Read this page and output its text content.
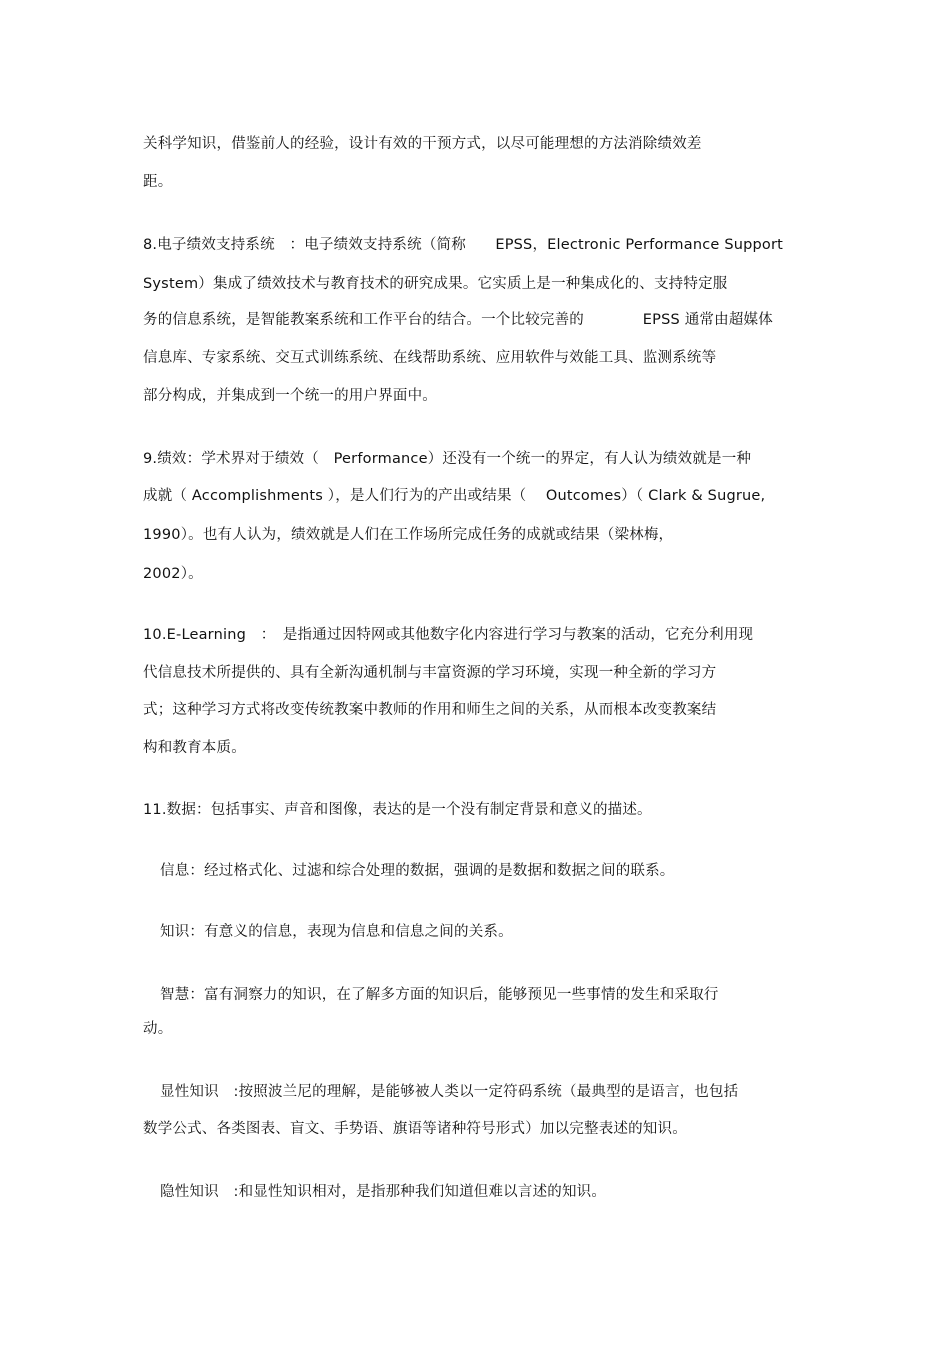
关科学知识，借鉴前人的经验，设计有效的干预方式，以尽可能理想的方法消除绩效差
距。
8.电子绩效支持系统　：电子绩效支持系统（简称　　EPSS，Electronic Performance Support
System）集成了绩效技术与教育技术的研究成果。它实质上是一种集成化的、支持特定服
务的信息系统，是智能教案系统和工作平台的结合。一个比较完善的　　　　EPSS 通常由超媒体
信息库、专家系统、交互式训练系统、在线帮助系统、应用软件与效能工具、监测系统等
部分构成，并集成到一个统一的用户界面中。
9.绩效：学术界对于绩效（　Performance）还没有一个统一的界定，有人认为绩效就是一种
成就（ Accomplishments ），是人们行为的产出或结果（　 Outcomes）（ Clark & Sugrue,
1990）。也有人认为，绩效就是人们在工作场所完成任务的成就或结果（梁林梅，
2002）。
10.E-Learning　：　是指通过因特网或其他数字化内容进行学习与教案的活动，它充分利用现
代信息技术所提供的、具有全新沟通机制与丰富资源的学习环境，实现一种全新的学习方
式；这种学习方式将改变传统教案中教师的作用和师生之间的关系，从而根本改变教案结
构和教育本质。
11.数据：包括事实、声音和图像，表达的是一个没有制定背景和意义的描述。
信息：经过格式化、过滤和综合处理的数据，强调的是数据和数据之间的联系。
知识：有意义的信息，表现为信息和信息之间的关系。
智慧：富有洞察力的知识，在了解多方面的知识后，能够预见一些事情的发生和采取行
动。
显性知识　:按照波兰尼的理解，是能够被人类以一定符码系统（最典型的是语言，也包括
数学公式、各类图表、盲文、手势语、旗语等诸种符号形式）加以完整表述的知识。
隐性知识　:和显性知识相对，是指那种我们知道但难以言述的知识。
